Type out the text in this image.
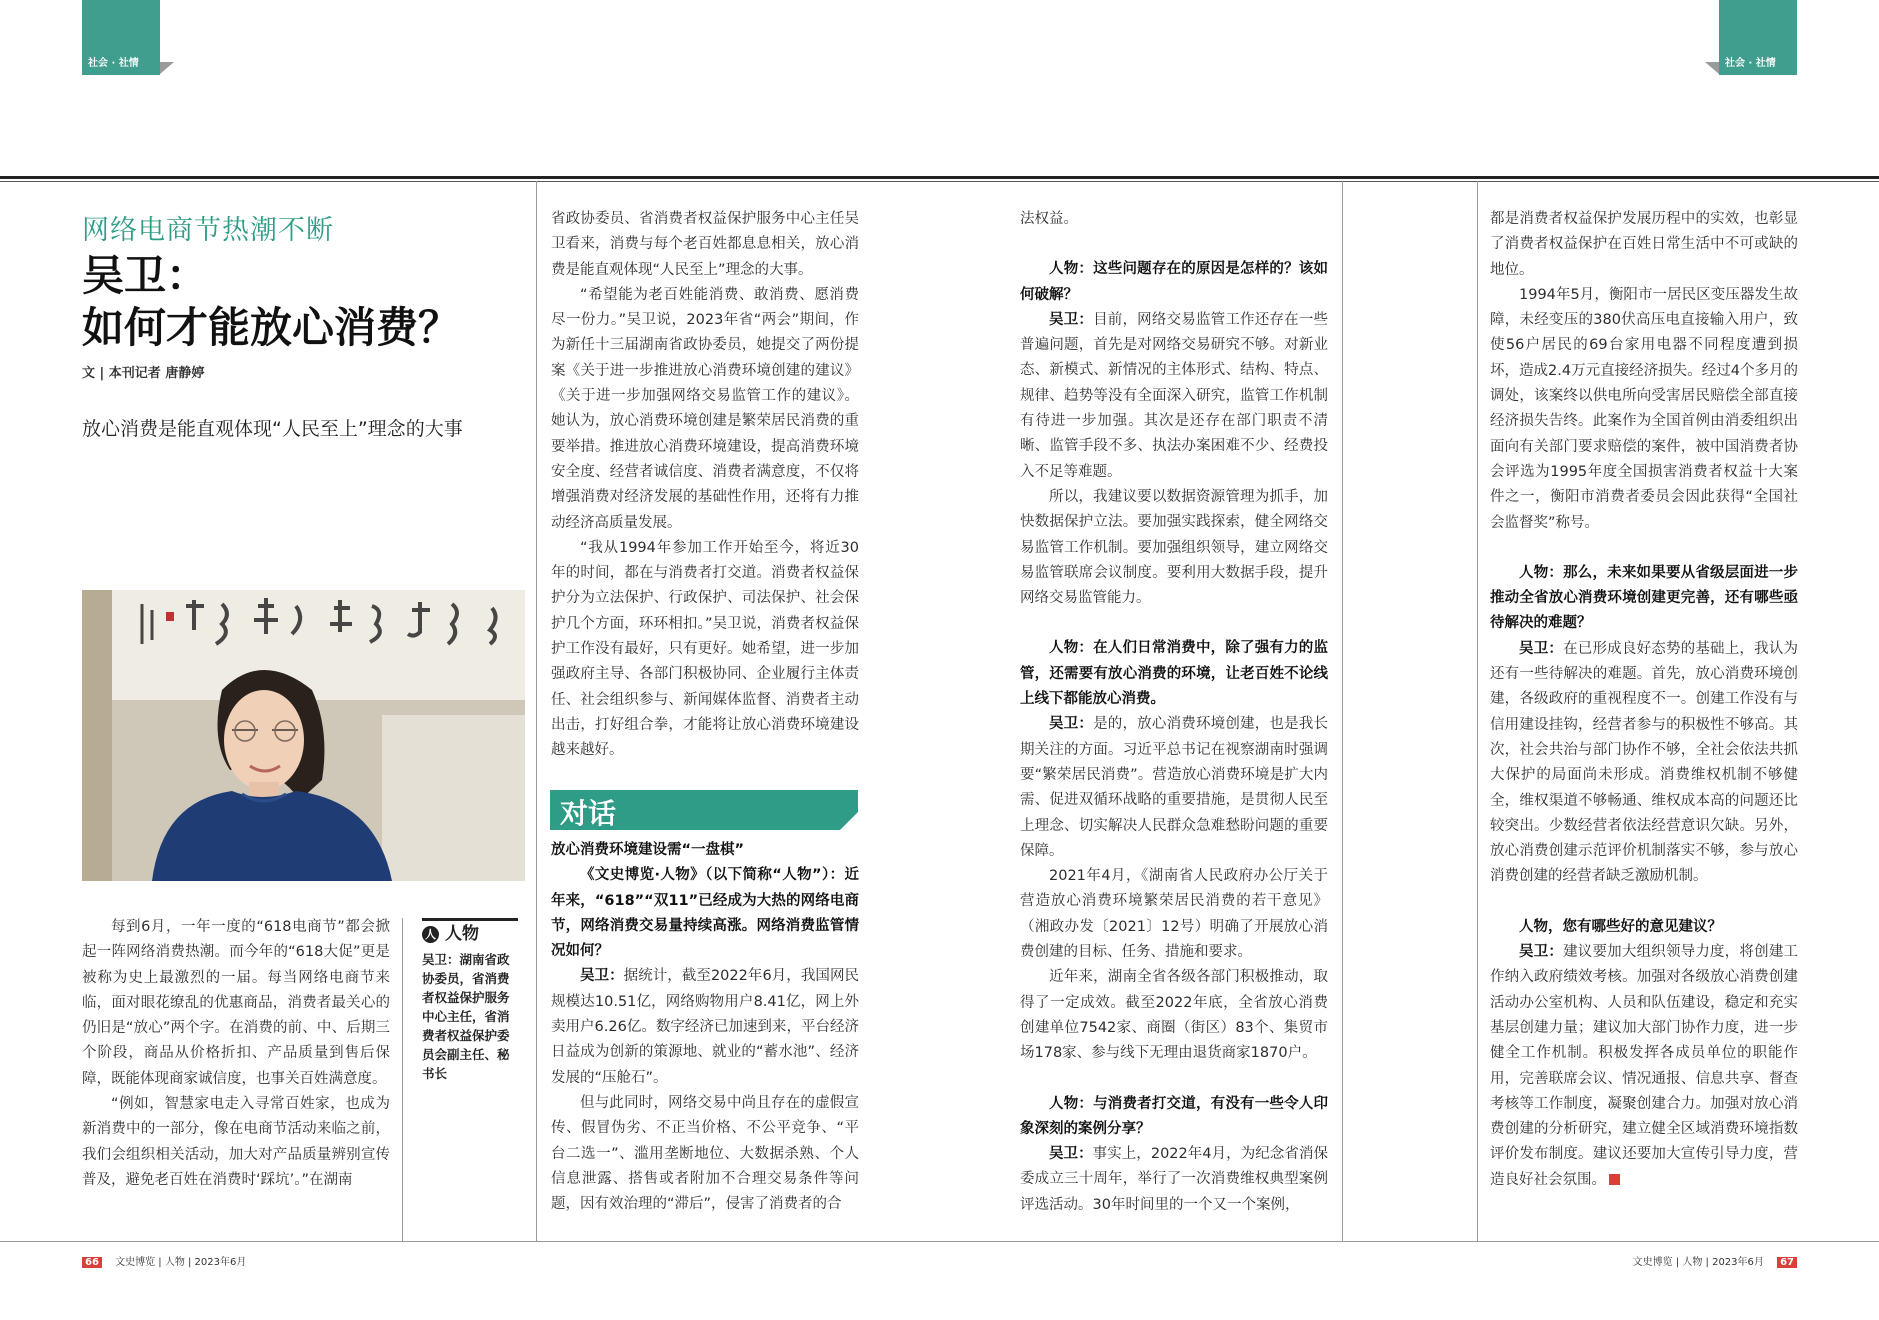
社会 · 社情	社会 · 社情
网络电商节热潮不断
吴卫：
如何才能放心消费？
文 | 本刊记者 唐静婷
放心消费是能直观体现“人民至上”理念的大事
人 人物
吴卫：湖南省政协委员，省消费者权益保护服务中心主任，省消费者权益保护委员会副主任、秘书长

每到6月，一年一度的“618电商节”都会掀起一阵网络消费热潮。而今年的“618大促”更是被称为史上最激烈的一届。每当网络电商节来临，面对眼花缭乱的优惠商品，消费者最关心的仍旧是“放心”两个字。在消费的前、中、后期三个阶段，商品从价格折扣、产品质量到售后保障，既能体现商家诚信度，也事关百姓满意度。

“例如，智慧家电走入寻常百姓家，也成为新消费中的一部分，像在电商节活动来临之前，我们会组织相关活动，加大对产品质量辨别宣传普及，避免老百姓在消费时‘踩坑’。”在湖南

省政协委员、省消费者权益保护服务中心主任吴卫看来，消费与每个老百姓都息息相关，放心消费是能直观体现“人民至上”理念的大事。

“希望能为老百姓能消费、敢消费、愿消费尽一份力。”吴卫说，2023年省“两会”期间，作为新任十三届湖南省政协委员，她提交了两份提案《关于进一步推进放心消费环境创建的建议》《关于进一步加强网络交易监管工作的建议》。她认为，放心消费环境创建是繁荣居民消费的重要举措。推进放心消费环境建设，提高消费环境安全度、经营者诚信度、消费者满意度，不仅将增强消费对经济发展的基础性作用，还将有力推动经济高质量发展。

“我从1994年参加工作开始至今，将近30年的时间，都在与消费者打交道。消费者权益保护分为立法保护、行政保护、司法保护、社会保护几个方面，环环相扣。”吴卫说，消费者权益保护工作没有最好，只有更好。她希望，进一步加强政府主导、各部门积极协同、企业履行主体责任、社会组织参与、新闻媒体监督、消费者主动出击，打好组合拳，才能将让放心消费环境建设越来越好。

对话

放心消费环境建设需“一盘棋”

《文史博览·人物》（以下简称“人物”）：近年来，“618”“双11”已经成为大热的网络电商节，网络消费交易量持续高涨。网络消费监管情况如何？

吴卫：据统计，截至2022年6月，我国网民规模达10.51亿，网络购物用户8.41亿，网上外卖用户6.26亿。数字经济已加速到来，平台经济日益成为创新的策源地、就业的“蓄水池”、经济发展的“压舱石”。

但与此同时，网络交易中尚且存在的虚假宣传、假冒伪劣、不正当价格、不公平竞争、“平台二选一”、滥用垄断地位、大数据杀熟、个人信息泄露、搭售或者附加不合理交易条件等问题，因有效治理的“滞后”，侵害了消费者的合

法权益。

人物：这些问题存在的原因是怎样的？该如何破解？

吴卫：目前，网络交易监管工作还存在一些普遍问题，首先是对网络交易研究不够。对新业态、新模式、新情况的主体形式、结构、特点、规律、趋势等没有全面深入研究，监管工作机制有待进一步加强。其次是还存在部门职责不清晰、监管手段不多、执法办案困难不少、经费投入不足等难题。

所以，我建议要以数据资源管理为抓手，加快数据保护立法。要加强实践探索，健全网络交易监管工作机制。要加强组织领导，建立网络交易监管联席会议制度。要利用大数据手段，提升网络交易监管能力。

人物：在人们日常消费中，除了强有力的监管，还需要有放心消费的环境，让老百姓不论线上线下都能放心消费。

吴卫：是的，放心消费环境创建，也是我长期关注的方面。习近平总书记在视察湖南时强调要“繁荣居民消费”。营造放心消费环境是扩大内需、促进双循环战略的重要措施，是贯彻人民至上理念、切实解决人民群众急难愁盼问题的重要保障。

2021年4月，《湖南省人民政府办公厅关于营造放心消费环境繁荣居民消费的若干意见》（湘政办发〔2021〕12号）明确了开展放心消费创建的目标、任务、措施和要求。

近年来，湖南全省各级各部门积极推动，取得了一定成效。截至2022年底，全省放心消费创建单位7542家、商圈（街区）83个、集贸市场178家、参与线下无理由退货商家1870户。

人物：与消费者打交道，有没有一些令人印象深刻的案例分享？

吴卫：事实上，2022年4月，为纪念省消保委成立三十周年，举行了一次消费维权典型案例评选活动。30年时间里的一个又一个案例，

都是消费者权益保护发展历程中的实效，也彰显了消费者权益保护在百姓日常生活中不可或缺的地位。

1994年5月，衡阳市一居民区变压器发生故障，未经变压的380伏高压电直接输入用户，致使56户居民的69台家用电器不同程度遭到损坏，造成2.4万元直接经济损失。经过4个多月的调处，该案终以供电所向受害居民赔偿全部直接经济损失告终。此案作为全国首例由消委组织出面向有关部门要求赔偿的案件，被中国消费者协会评选为1995年度全国损害消费者权益十大案件之一，衡阳市消费者委员会因此获得“全国社会监督奖”称号。

人物：那么，未来如果要从省级层面进一步推动全省放心消费环境创建更完善，还有哪些亟待解决的难题？

吴卫：在已形成良好态势的基础上，我认为还有一些待解决的难题。首先，放心消费环境创建，各级政府的重视程度不一。创建工作没有与信用建设挂钩，经营者参与的积极性不够高。其次，社会共治与部门协作不够，全社会依法共抓大保护的局面尚未形成。消费维权机制不够健全，维权渠道不够畅通、维权成本高的问题还比较突出。少数经营者依法经营意识欠缺。另外，放心消费创建示范评价机制落实不够，参与放心消费创建的经营者缺乏激励机制。

人物，您有哪些好的意见建议？

吴卫：建议要加大组织领导力度，将创建工作纳入政府绩效考核。加强对各级放心消费创建活动办公室机构、人员和队伍建设，稳定和充实基层创建力量；建议加大部门协作力度，进一步健全工作机制。积极发挥各成员单位的职能作用，完善联席会议、情况通报、信息共享、督查考核等工作制度，凝聚创建合力。加强对放心消费创建的分析研究，建立健全区域消费环境指数评价发布制度。建议还要加大宣传引导力度，营造良好社会氛围。

66 文史博览 | 人物 | 2023年6月	文史博览 | 人物 | 2023年6月 67
